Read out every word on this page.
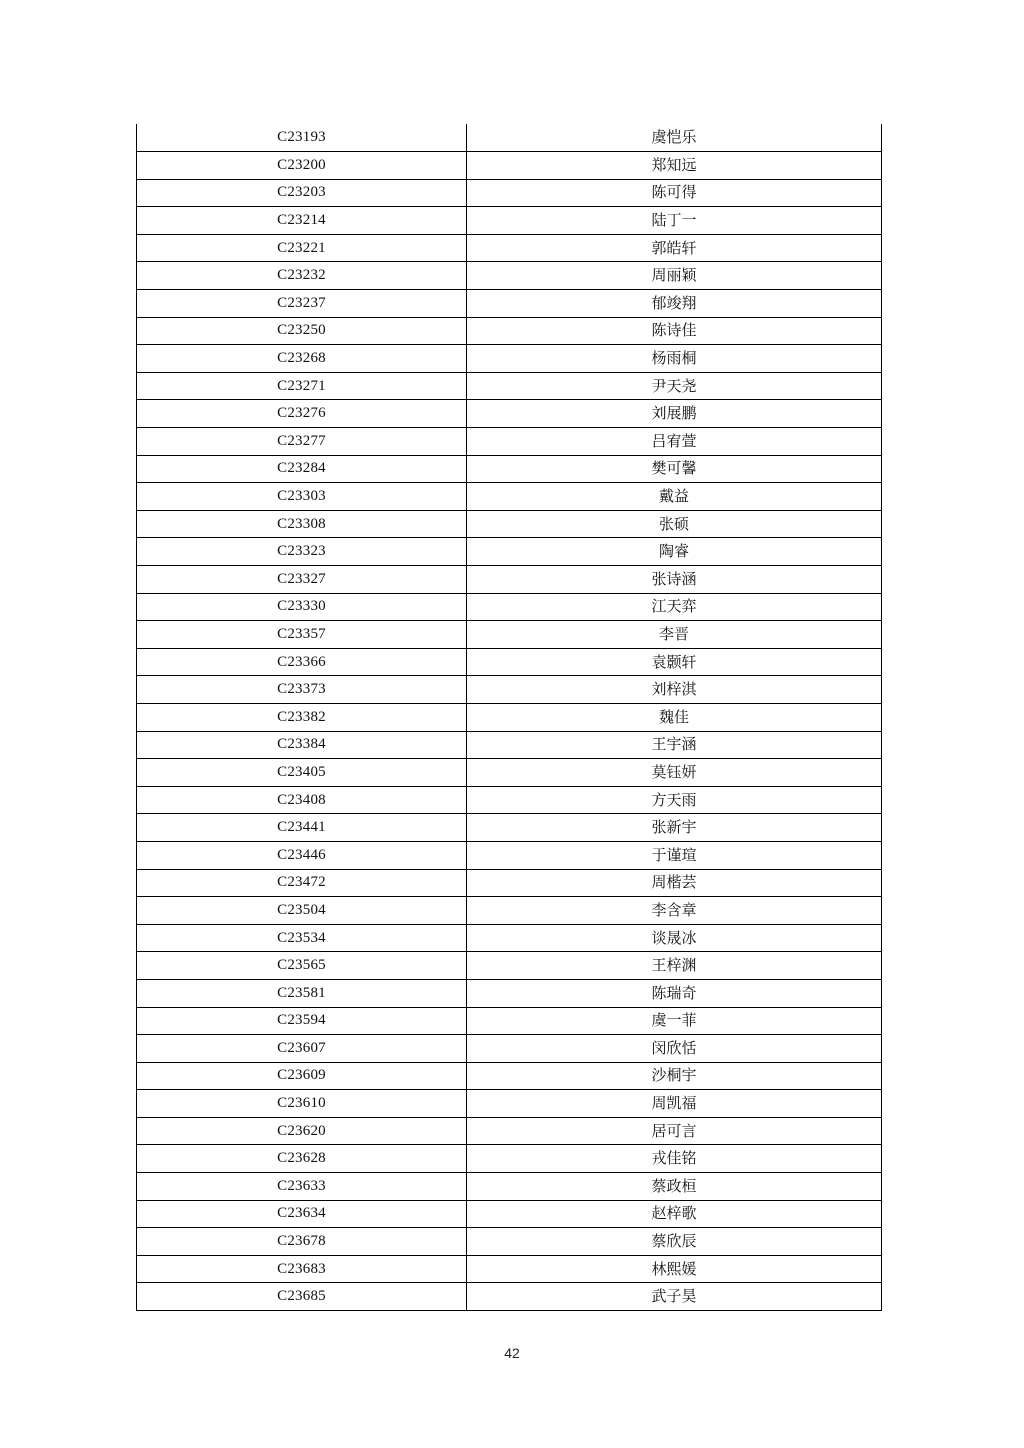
C23193	虞恺乐
C23200	郑知远
C23203	陈可得
C23214	陆丁一
C23221	郭皓轩
C23232	周丽颖
C23237	郁竣翔
C23250	陈诗佳
C23268	杨雨桐
C23271	尹天尧
C23276	刘展鹏
C23277	吕宥萱
C23284	樊可馨
C23303	戴益
C23308	张硕
C23323	陶睿
C23327	张诗涵
C23330	江天弈
C23357	李晋
C23366	袁颢轩
C23373	刘梓淇
C23382	魏佳
C23384	王宇涵
C23405	莫钰妍
C23408	方天雨
C23441	张新宇
C23446	于谨瑄
C23472	周楷芸
C23504	李含章
C23534	谈晟冰
C23565	王梓渊
C23581	陈瑞奇
C23594	虞一菲
C23607	闵欣恬
C23609	沙桐宇
C23610	周凯福
C23620	居可言
C23628	戎佳铭
C23633	蔡政桓
C23634	赵梓歌
C23678	蔡欣辰
C23683	林熙媛
C23685	武子昊
42
